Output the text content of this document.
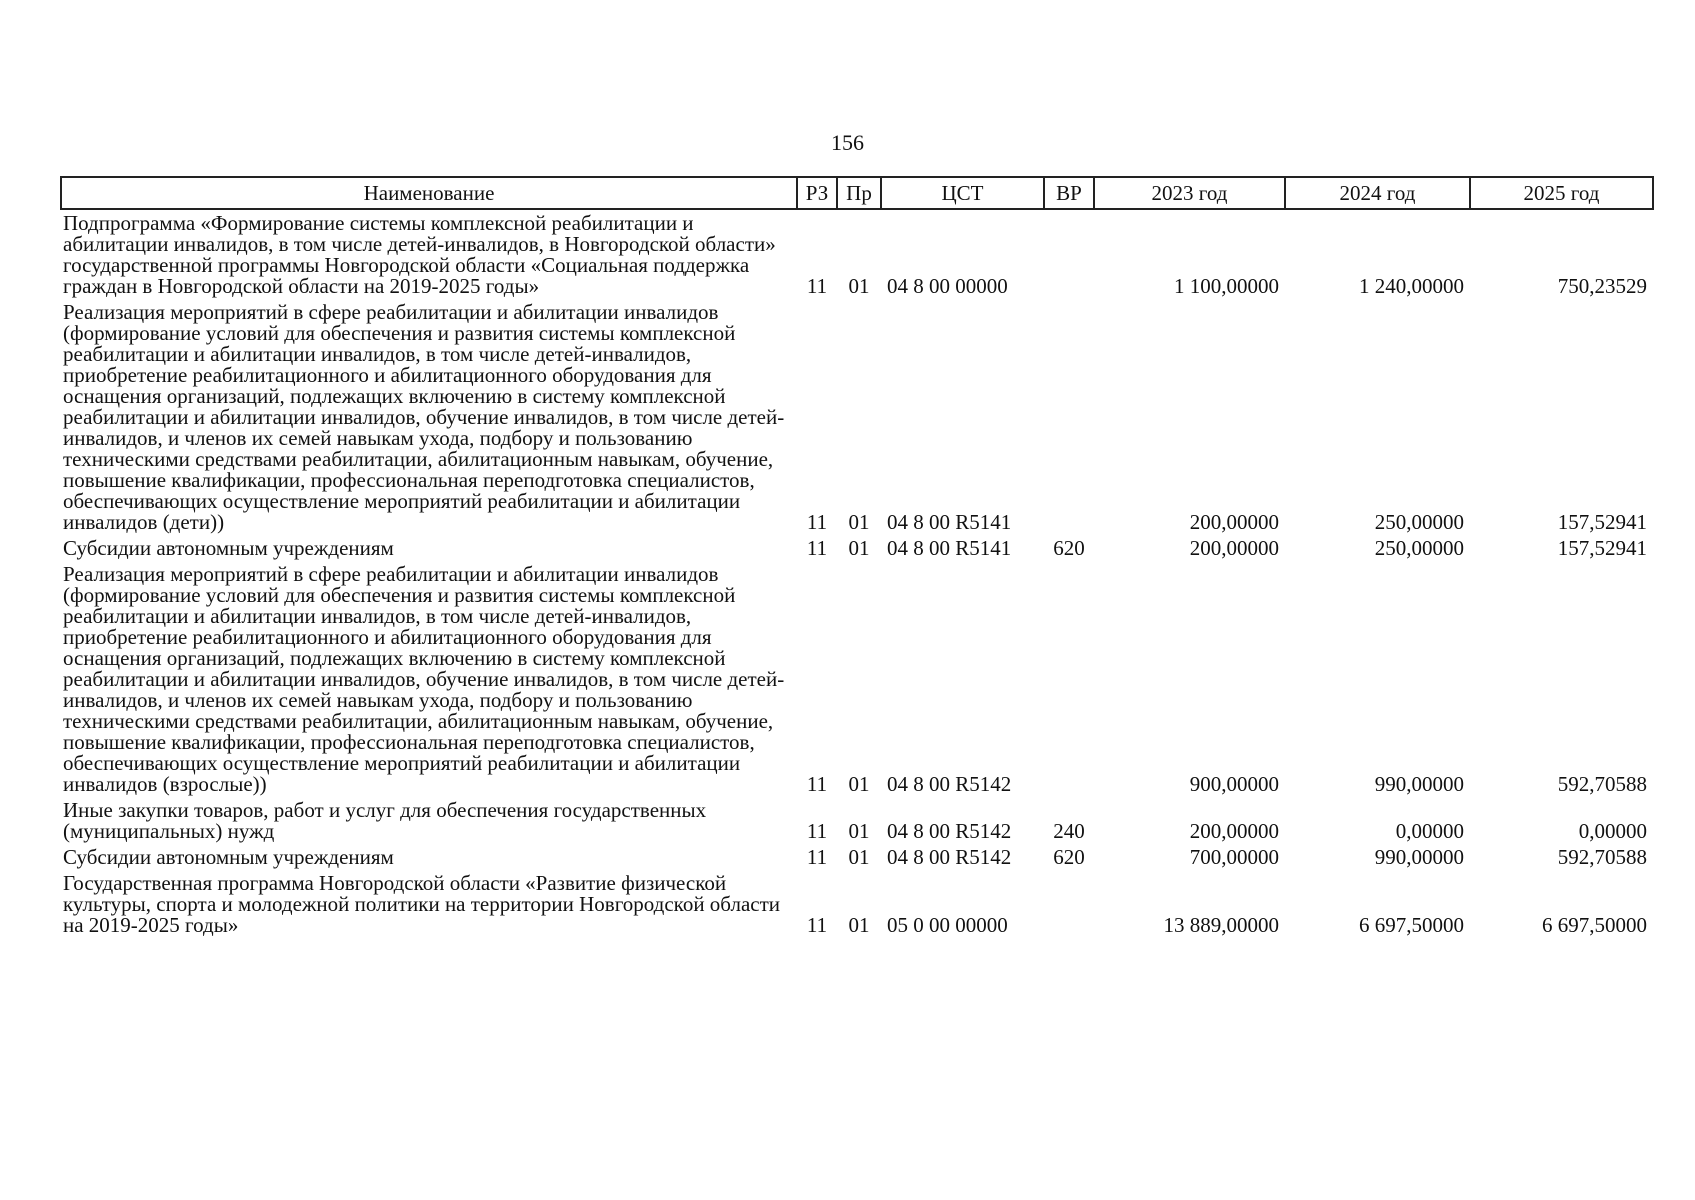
156
Наименование	РЗ	Пр	ЦСТ	ВР	2023 год	2024 год	2025 год
Подпрограмма «Формирование системы комплексной реабилитации и абилитации инвалидов, в том числе детей-инвалидов, в Новгородской области» государственной программы Новгородской области «Социальная поддержка граждан в Новгородской области на 2019-2025 годы»	11	01	04 8 00 00000		1 100,00000	1 240,00000	750,23529
Реализация мероприятий в сфере реабилитации и абилитации инвалидов (формирование условий для обеспечения и развития системы комплексной реабилитации и абилитации инвалидов, в том числе детей-инвалидов, приобретение реабилитационного и абилитационного оборудования для оснащения организаций, подлежащих включению в систему комплексной реабилитации и абилитации инвалидов, обучение инвалидов, в том числе детей-инвалидов, и членов их семей навыкам ухода, подбору и пользованию техническими средствами реабилитации, абилитационным навыкам, обучение, повышение квалификации, профессиональная переподготовка специалистов, обеспечивающих осуществление мероприятий реабилитации и абилитации инвалидов (дети))	11	01	04 8 00 R5141		200,00000	250,00000	157,52941
Субсидии автономным учреждениям	11	01	04 8 00 R5141	620	200,00000	250,00000	157,52941
Реализация мероприятий в сфере реабилитации и абилитации инвалидов (формирование условий для обеспечения и развития системы комплексной реабилитации и абилитации инвалидов, в том числе детей-инвалидов, приобретение реабилитационного и абилитационного оборудования для оснащения организаций, подлежащих включению в систему комплексной реабилитации и абилитации инвалидов, обучение инвалидов, в том числе детей-инвалидов, и членов их семей навыкам ухода, подбору и пользованию техническими средствами реабилитации, абилитационным навыкам, обучение, повышение квалификации, профессиональная переподготовка специалистов, обеспечивающих осуществление мероприятий реабилитации и абилитации инвалидов (взрослые))	11	01	04 8 00 R5142		900,00000	990,00000	592,70588
Иные закупки товаров, работ и услуг для обеспечения государственных (муниципальных) нужд	11	01	04 8 00 R5142	240	200,00000	0,00000	0,00000
Субсидии автономным учреждениям	11	01	04 8 00 R5142	620	700,00000	990,00000	592,70588
Государственная программа Новгородской области «Развитие физической культуры, спорта и молодежной политики на территории Новгородской области на 2019-2025 годы»	11	01	05 0 00 00000		13 889,00000	6 697,50000	6 697,50000
